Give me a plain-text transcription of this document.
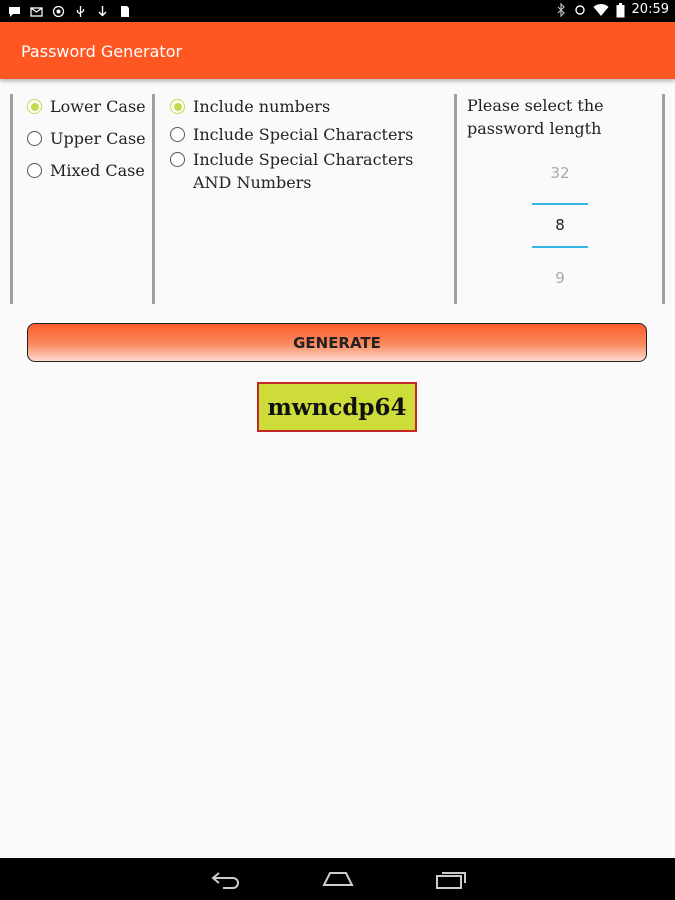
20:59
Password Generator
Lower Case
Upper Case
Mixed Case
Include numbers
Include Special Characters
Include Special Characters AND Numbers
Please select the password length
32
8
9
GENERATE
mwncdp64
